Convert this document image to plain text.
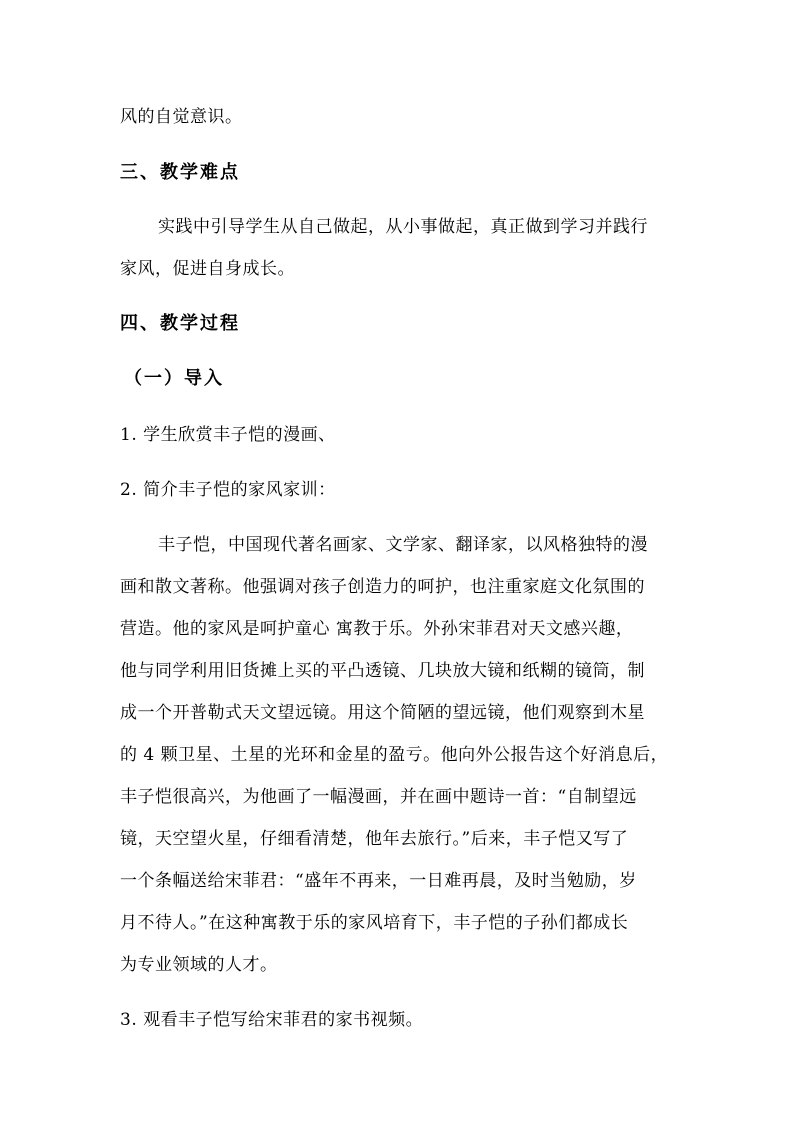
风的自觉意识。
三、教学难点
实践中引导学生从自己做起，从小事做起，真正做到学习并践行
家风，促进自身成长。
四、教学过程
（一）导入
1. 学生欣赏丰子恺的漫画、
2. 简介丰子恺的家风家训：
丰子恺，中国现代著名画家、文学家、翻译家，以风格独特的漫
画和散文著称。他强调对孩子创造力的呵护，也注重家庭文化氛围的
营造。他的家风是呵护童心 寓教于乐。外孙宋菲君对天文感兴趣，
他与同学利用旧货摊上买的平凸透镜、几块放大镜和纸糊的镜筒，制
成一个开普勒式天文望远镜。用这个简陋的望远镜，他们观察到木星
的 4 颗卫星、土星的光环和金星的盈亏。他向外公报告这个好消息后，
丰子恺很高兴，为他画了一幅漫画，并在画中题诗一首：“自制望远
镜，天空望火星，仔细看清楚，他年去旅行。”后来，丰子恺又写了
一个条幅送给宋菲君：“盛年不再来，一日难再晨，及时当勉励，岁
月不待人。”在这种寓教于乐的家风培育下，丰子恺的子孙们都成长
为专业领域的人才。
3. 观看丰子恺写给宋菲君的家书视频。
